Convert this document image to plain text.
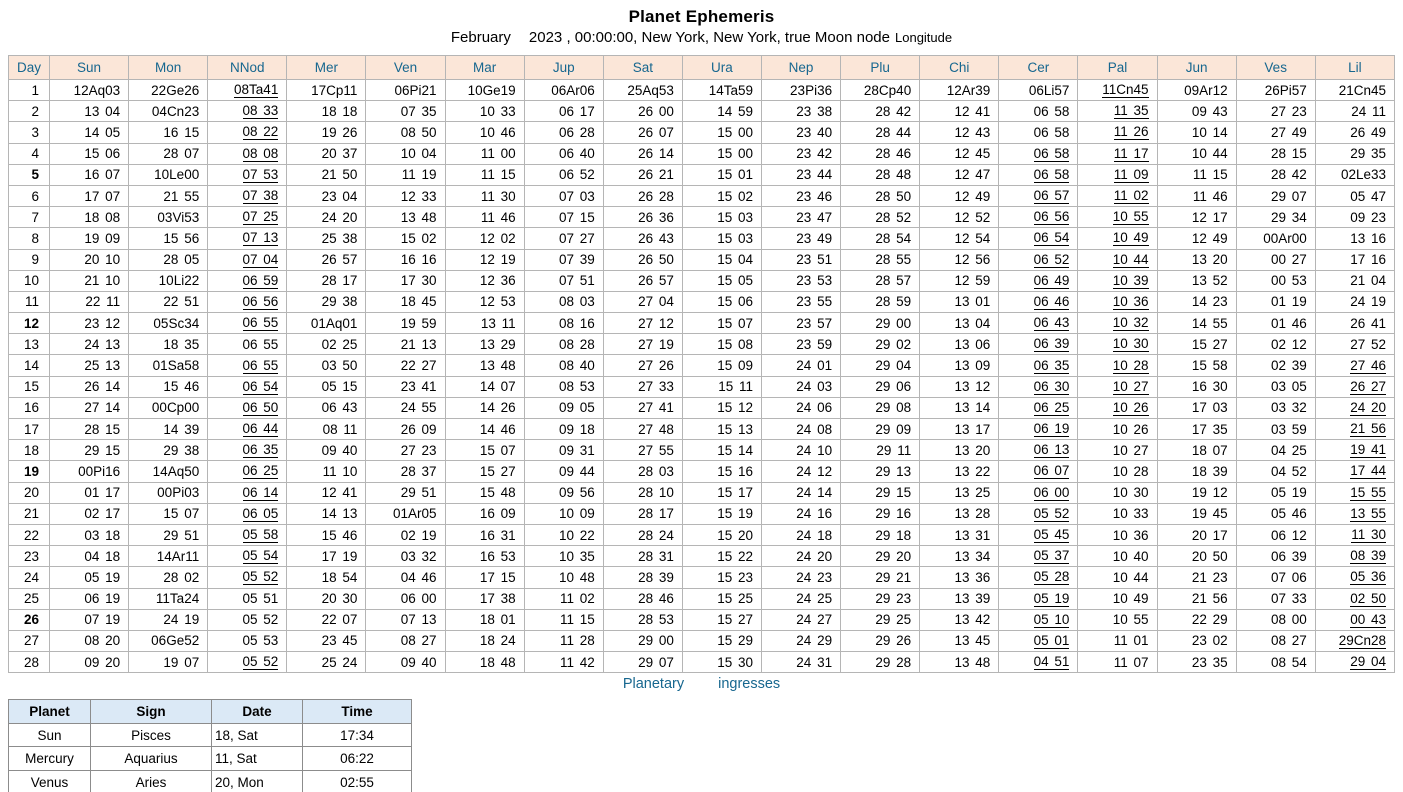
Planet Ephemeris
February 2023 , 00:00:00, New York, New York, true Moon node Longitude
Day	Sun	Mon	NNod	Mer	Ven	Mar	Jup	Sat	Ura	Nep	Plu	Chi	Cer	Pal	Jun	Ves	Lil
1	12Aq03	22Ge26	08Ta41	17Cp11	06Pi21	10Ge19	06Ar06	25Aq53	14Ta59	23Pi36	28Cp40	12Ar39	06Li57	11Cn45	09Ar12	26Pi57	21Cn45
2	13 04	04Cn23	08 33	18 18	07 35	10 33	06 17	26 00	14 59	23 38	28 42	12 41	06 58	11 35	09 43	27 23	24 11
3	14 05	16 15	08 22	19 26	08 50	10 46	06 28	26 07	15 00	23 40	28 44	12 43	06 58	11 26	10 14	27 49	26 49
4	15 06	28 07	08 08	20 37	10 04	11 00	06 40	26 14	15 00	23 42	28 46	12 45	06 58	11 17	10 44	28 15	29 35
5	16 07	10Le00	07 53	21 50	11 19	11 15	06 52	26 21	15 01	23 44	28 48	12 47	06 58	11 09	11 15	28 42	02Le33
6	17 07	21 55	07 38	23 04	12 33	11 30	07 03	26 28	15 02	23 46	28 50	12 49	06 57	11 02	11 46	29 07	05 47
7	18 08	03Vi53	07 25	24 20	13 48	11 46	07 15	26 36	15 03	23 47	28 52	12 52	06 56	10 55	12 17	29 34	09 23
8	19 09	15 56	07 13	25 38	15 02	12 02	07 27	26 43	15 03	23 49	28 54	12 54	06 54	10 49	12 49	00Ar00	13 16
9	20 10	28 05	07 04	26 57	16 16	12 19	07 39	26 50	15 04	23 51	28 55	12 56	06 52	10 44	13 20	00 27	17 16
10	21 10	10Li22	06 59	28 17	17 30	12 36	07 51	26 57	15 05	23 53	28 57	12 59	06 49	10 39	13 52	00 53	21 04
11	22 11	22 51	06 56	29 38	18 45	12 53	08 03	27 04	15 06	23 55	28 59	13 01	06 46	10 36	14 23	01 19	24 19
12	23 12	05Sc34	06 55	01Aq01	19 59	13 11	08 16	27 12	15 07	23 57	29 00	13 04	06 43	10 32	14 55	01 46	26 41
13	24 13	18 35	06 55	02 25	21 13	13 29	08 28	27 19	15 08	23 59	29 02	13 06	06 39	10 30	15 27	02 12	27 52
14	25 13	01Sa58	06 55	03 50	22 27	13 48	08 40	27 26	15 09	24 01	29 04	13 09	06 35	10 28	15 58	02 39	27 46
15	26 14	15 46	06 54	05 15	23 41	14 07	08 53	27 33	15 11	24 03	29 06	13 12	06 30	10 27	16 30	03 05	26 27
16	27 14	00Cp00	06 50	06 43	24 55	14 26	09 05	27 41	15 12	24 06	29 08	13 14	06 25	10 26	17 03	03 32	24 20
17	28 15	14 39	06 44	08 11	26 09	14 46	09 18	27 48	15 13	24 08	29 09	13 17	06 19	10 26	17 35	03 59	21 56
18	29 15	29 38	06 35	09 40	27 23	15 07	09 31	27 55	15 14	24 10	29 11	13 20	06 13	10 27	18 07	04 25	19 41
19	00Pi16	14Aq50	06 25	11 10	28 37	15 27	09 44	28 03	15 16	24 12	29 13	13 22	06 07	10 28	18 39	04 52	17 44
20	01 17	00Pi03	06 14	12 41	29 51	15 48	09 56	28 10	15 17	24 14	29 15	13 25	06 00	10 30	19 12	05 19	15 55
21	02 17	15 07	06 05	14 13	01Ar05	16 09	10 09	28 17	15 19	24 16	29 16	13 28	05 52	10 33	19 45	05 46	13 55
22	03 18	29 51	05 58	15 46	02 19	16 31	10 22	28 24	15 20	24 18	29 18	13 31	05 45	10 36	20 17	06 12	11 30
23	04 18	14Ar11	05 54	17 19	03 32	16 53	10 35	28 31	15 22	24 20	29 20	13 34	05 37	10 40	20 50	06 39	08 39
24	05 19	28 02	05 52	18 54	04 46	17 15	10 48	28 39	15 23	24 23	29 21	13 36	05 28	10 44	21 23	07 06	05 36
25	06 19	11Ta24	05 51	20 30	06 00	17 38	11 02	28 46	15 25	24 25	29 23	13 39	05 19	10 49	21 56	07 33	02 50
26	07 19	24 19	05 52	22 07	07 13	18 01	11 15	28 53	15 27	24 27	29 25	13 42	05 10	10 55	22 29	08 00	00 43
27	08 20	06Ge52	05 53	23 45	08 27	18 24	11 28	29 00	15 29	24 29	29 26	13 45	05 01	11 01	23 02	08 27	29Cn28
28	09 20	19 07	05 52	25 24	09 40	18 48	11 42	29 07	15 30	24 31	29 28	13 48	04 51	11 07	23 35	08 54	29 04
Planetary ingresses
Planet	Sign	Date	Time
Sun	Pisces	18, Sat	17:34
Mercury	Aquarius	11, Sat	06:22
Venus	Aries	20, Mon	02:55
